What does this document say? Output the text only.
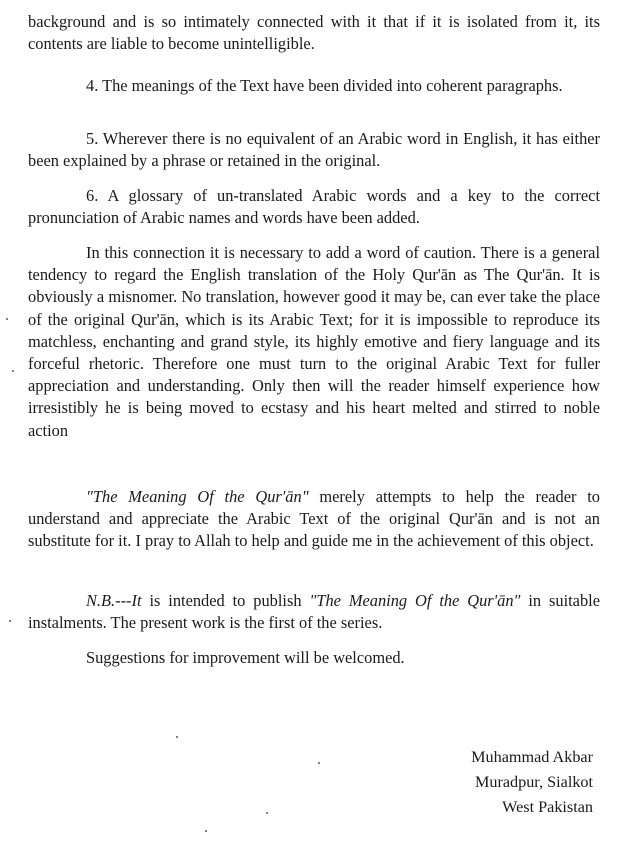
background and is so intimately connected with it that if it is isolated from it, its contents are liable to become unintelligible.

4. The meanings of the Text have been divided into coherent paragraphs.

5. Wherever there is no equivalent of an Arabic word in English, it has either been explained by a phrase or retained in the original.

6. A glossary of un-translated Arabic words and a key to the correct pronunciation of Arabic names and words have been added.

In this connection it is necessary to add a word of caution. There is a general tendency to regard the English translation of the Holy Qur'ān as The Qur'ān. It is obviously a misnomer. No translation, however good it may be, can ever take the place of the original Qur'ān, which is its Arabic Text; for it is impossible to reproduce its matchless, enchanting and grand style, its highly emotive and fiery language and its forceful rhetoric. Therefore one must turn to the original Arabic Text for fuller appreciation and understanding. Only then will the reader himself experience how irresistibly he is being moved to ecstasy and his heart melted and stirred to noble action

"The Meaning Of the Qur'ān" merely attempts to help the reader to understand and appreciate the Arabic Text of the original Qur'ān and is not an substitute for it. I pray to Allah to help and guide me in the achievement of this object.

N.B.---It is intended to publish "The Meaning Of the Qur'ān" in suitable instalments. The present work is the first of the series.

Suggestions for improvement will be welcomed.

Muhammad Akbar
Muradpur, Sialkot
West Pakistan
